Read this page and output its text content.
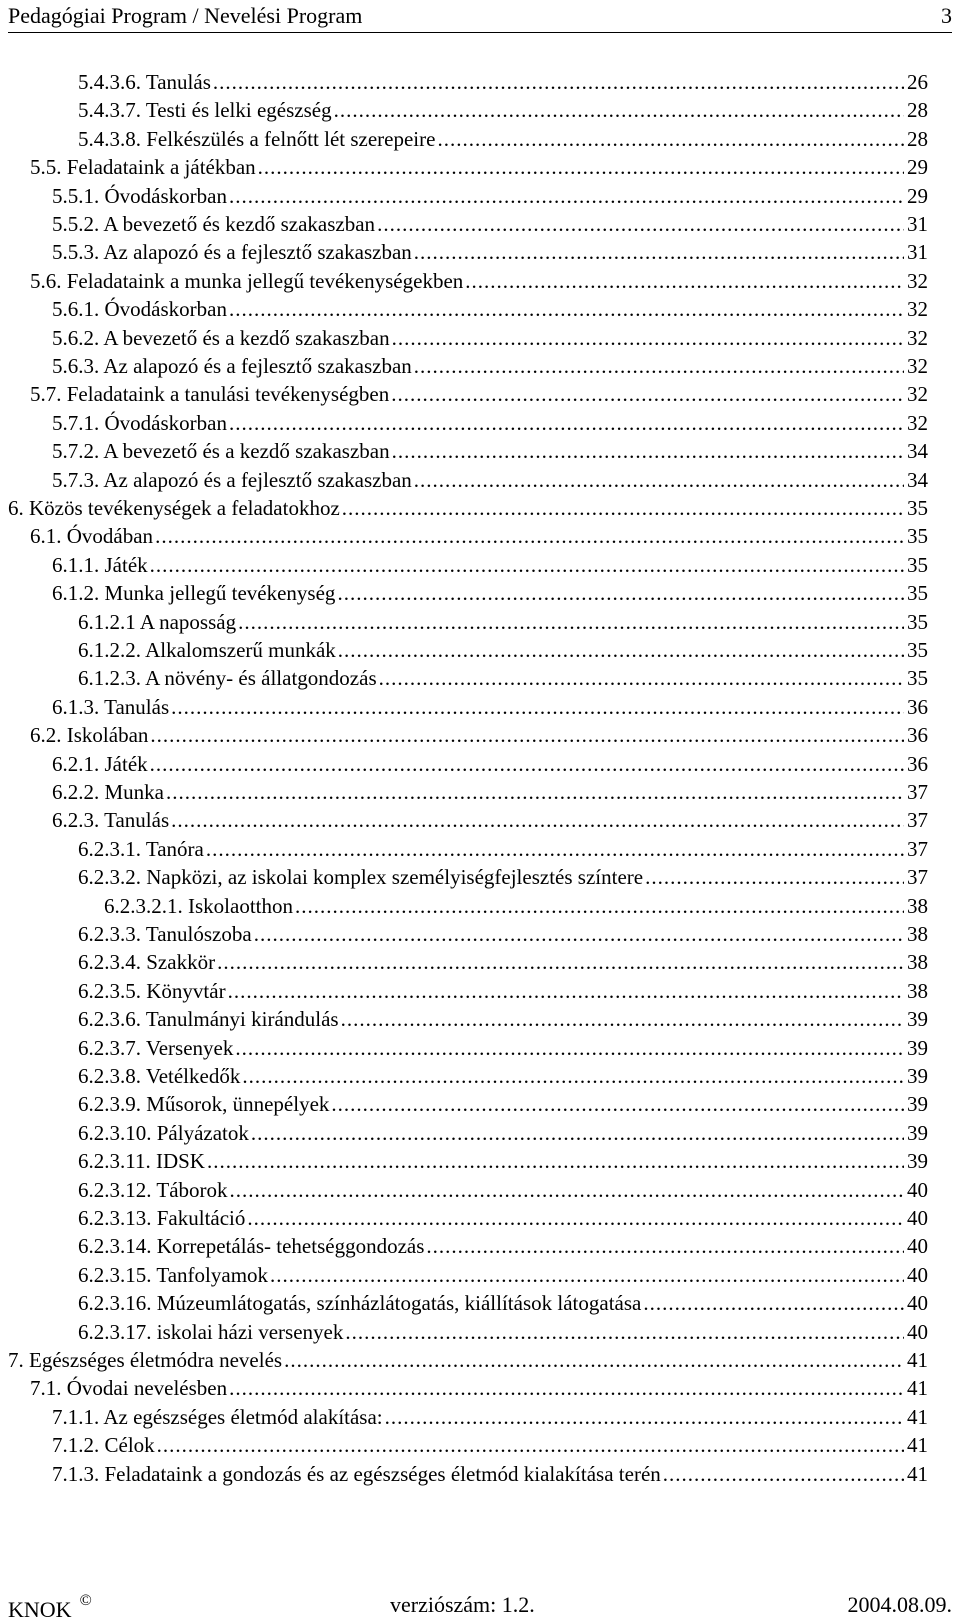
Pedagógiai Program / Nevelési Program	3
5.4.3.6. Tanulás .....	26
5.4.3.7. Testi és lelki egészség .....	28
5.4.3.8. Felkészülés a felnőtt lét szerepeire .....	28
5.5. Feladataink a játékban .....	29
5.5.1. Óvodáskorban .....	29
5.5.2. A bevezető és kezdő szakaszban .....	31
5.5.3. Az alapozó és a fejlesztő szakaszban .....	31
5.6. Feladataink a munka jellegű tevékenységekben .....	32
5.6.1. Óvodáskorban .....	32
5.6.2. A bevezető és a kezdő szakaszban .....	32
5.6.3. Az alapozó és a fejlesztő szakaszban .....	32
5.7. Feladataink a tanulási tevékenységben .....	32
5.7.1. Óvodáskorban .....	32
5.7.2. A bevezető és a kezdő szakaszban .....	34
5.7.3. Az alapozó és a fejlesztő szakaszban .....	34
6. Közös tevékenységek a feladatokhoz .....	35
6.1. Óvodában .....	35
6.1.1. Játék .....	35
6.1.2. Munka jellegű tevékenység .....	35
6.1.2.1 A naposság .....	35
6.1.2.2. Alkalomszerű munkák .....	35
6.1.2.3. A növény- és állatgondozás .....	35
6.1.3. Tanulás .....	36
6.2. Iskolában .....	36
6.2.1. Játék .....	36
6.2.2. Munka .....	37
6.2.3. Tanulás .....	37
6.2.3.1. Tanóra .....	37
6.2.3.2. Napközi, az iskolai komplex személyiségfejlesztés színtere .....	37
6.2.3.2.1. Iskolaotthon .....	38
6.2.3.3. Tanulószoba .....	38
6.2.3.4. Szakkör .....	38
6.2.3.5. Könyvtár .....	38
6.2.3.6. Tanulmányi kirándulás .....	39
6.2.3.7. Versenyek .....	39
6.2.3.8. Vetélkedők .....	39
6.2.3.9. Műsorok, ünnepélyek .....	39
6.2.3.10. Pályázatok .....	39
6.2.3.11. IDSK .....	39
6.2.3.12. Táborok .....	40
6.2.3.13. Fakultáció .....	40
6.2.3.14. Korrepetálás- tehetséggondozás .....	40
6.2.3.15. Tanfolyamok .....	40
6.2.3.16. Múzeumlátogatás, színházlátogatás, kiállítások látogatása .....	40
6.2.3.17. iskolai házi versenyek .....	40
7. Egészséges életmódra nevelés .....	41
7.1. Óvodai nevelésben .....	41
7.1.1. Az egészséges életmód alakítása: .....	41
7.1.2. Célok .....	41
7.1.3. Feladataink a gondozás és az egészséges életmód kialakítása terén .....	41
KNOK ©	verziószám: 1.2.	2004.08.09.
